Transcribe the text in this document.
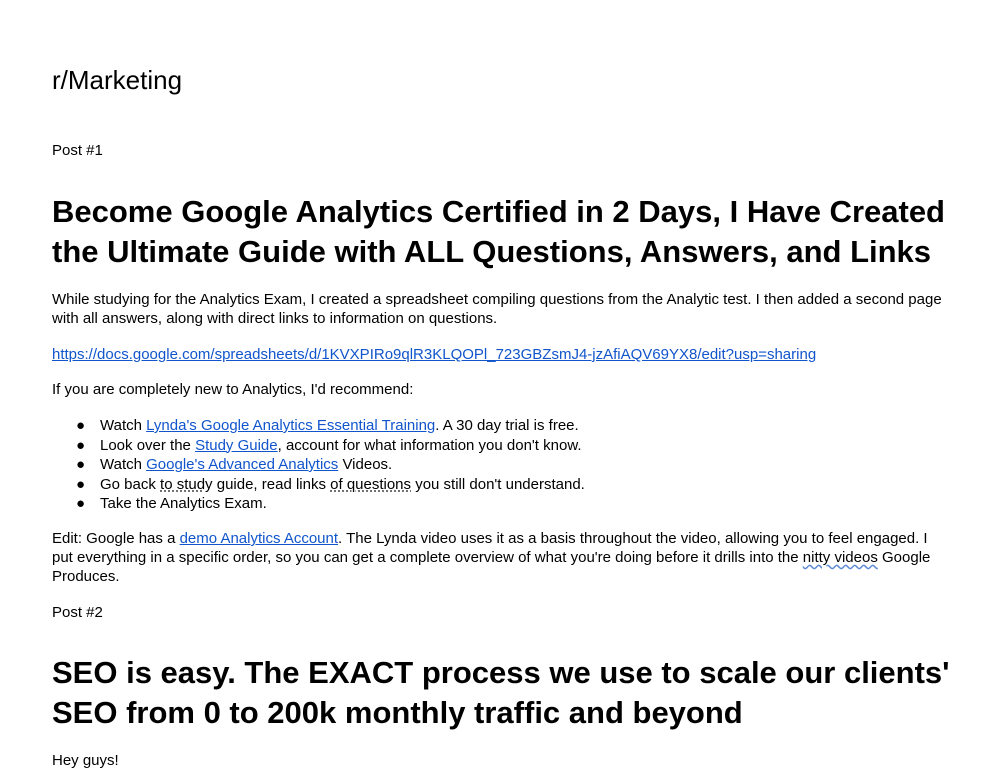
r/Marketing

Post #1

Become Google Analytics Certified in 2 Days, I Have Created the Ultimate Guide with ALL Questions, Answers, and Links

While studying for the Analytics Exam, I created a spreadsheet compiling questions from the Analytic test. I then added a second page with all answers, along with direct links to information on questions.

https://docs.google.com/spreadsheets/d/1KVXPIRo9qlR3KLQOPl_723GBZsmJ4-jzAfiAQV69YX8/edit?usp=sharing

If you are completely new to Analytics, I'd recommend:

● Watch Lynda's Google Analytics Essential Training. A 30 day trial is free.
● Look over the Study Guide, account for what information you don't know.
● Watch Google's Advanced Analytics Videos.
● Go back to study guide, read links of questions you still don't understand.
● Take the Analytics Exam.

Edit: Google has a demo Analytics Account. The Lynda video uses it as a basis throughout the video, allowing you to feel engaged. I put everything in a specific order, so you can get a complete overview of what you're doing before it drills into the nitty videos Google Produces.

Post #2

SEO is easy. The EXACT process we use to scale our clients' SEO from 0 to 200k monthly traffic and beyond

Hey guys!
